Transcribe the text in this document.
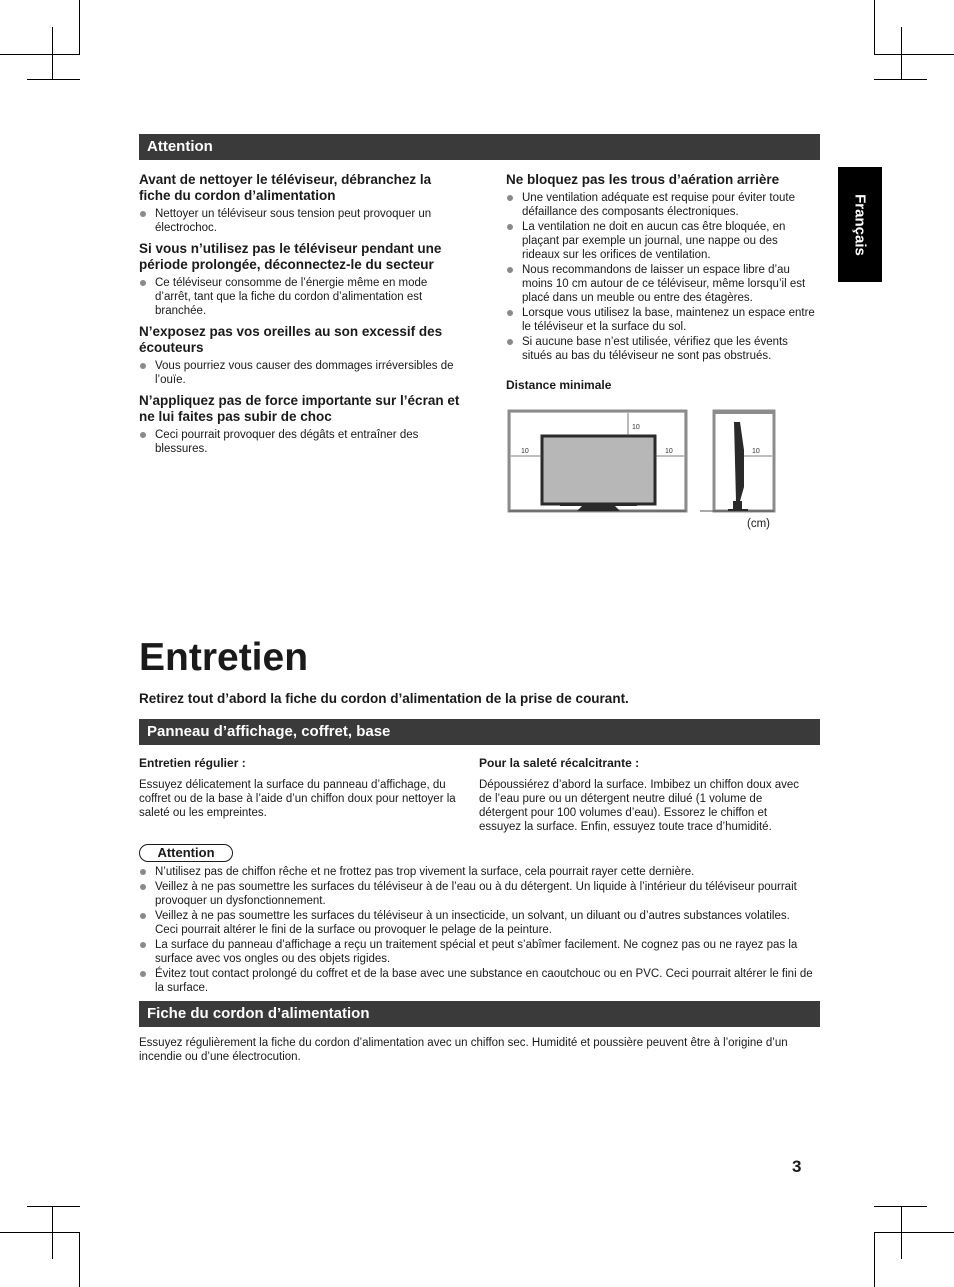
Français
Attention
Avant de nettoyer le téléviseur, débranchez la fiche du cordon d’alimentation
Nettoyer un téléviseur sous tension peut provoquer un électrochoc.
Si vous n’utilisez pas le téléviseur pendant une période prolongée, déconnectez-le du secteur
Ce téléviseur consomme de l’énergie même en mode d’arrêt, tant que la fiche du cordon d’alimentation est branchée.
N’exposez pas vos oreilles au son excessif des écouteurs
Vous pourriez vous causer des dommages irréversibles de l’ouïe.
N’appliquez pas de force importante sur l’écran et ne lui faites pas subir de choc
Ceci pourrait provoquer des dégâts et entraîner des blessures.
Ne bloquez pas les trous d’aération arrière
Une ventilation adéquate est requise pour éviter toute défaillance des composants électroniques.
La ventilation ne doit en aucun cas être bloquée, en plaçant par exemple un journal, une nappe ou des rideaux sur les orifices de ventilation.
Nous recommandons de laisser un espace libre d’au moins 10 cm autour de ce téléviseur, même lorsqu’il est placé dans un meuble ou entre des étagères.
Lorsque vous utilisez la base, maintenez un espace entre le téléviseur et la surface du sol.
Si aucune base n’est utilisée, vérifiez que les évents situés au bas du téléviseur ne sont pas obstrués.
Distance minimale
10
10	10	10
(cm)
Entretien
Retirez tout d’abord la fiche du cordon d’alimentation de la prise de courant.
Panneau d’affichage, coffret, base
Entretien régulier :
Essuyez délicatement la surface du panneau d’affichage, du coffret ou de la base à l’aide d’un chiffon doux pour nettoyer la saleté ou les empreintes.
Pour la saleté récalcitrante :
Dépoussiérez d’abord la surface. Imbibez un chiffon doux avec de l’eau pure ou un détergent neutre dilué (1 volume de détergent pour 100 volumes d’eau). Essorez le chiffon et essuyez la surface. Enfin, essuyez toute trace d’humidité.
Attention
N’utilisez pas de chiffon rêche et ne frottez pas trop vivement la surface, cela pourrait rayer cette dernière.
Veillez à ne pas soumettre les surfaces du téléviseur à de l’eau ou à du détergent. Un liquide à l’intérieur du téléviseur pourrait provoquer un dysfonctionnement.
Veillez à ne pas soumettre les surfaces du téléviseur à un insecticide, un solvant, un diluant ou d’autres substances volatiles. Ceci pourrait altérer le fini de la surface ou provoquer le pelage de la peinture.
La surface du panneau d’affichage a reçu un traitement spécial et peut s’abîmer facilement. Ne cognez pas ou ne rayez pas la surface avec vos ongles ou des objets rigides.
Évitez tout contact prolongé du coffret et de la base avec une substance en caoutchouc ou en PVC. Ceci pourrait altérer le fini de la surface.
Fiche du cordon d’alimentation
Essuyez régulièrement la fiche du cordon d’alimentation avec un chiffon sec. Humidité et poussière peuvent être à l’origine d’un incendie ou d’une électrocution.
3
